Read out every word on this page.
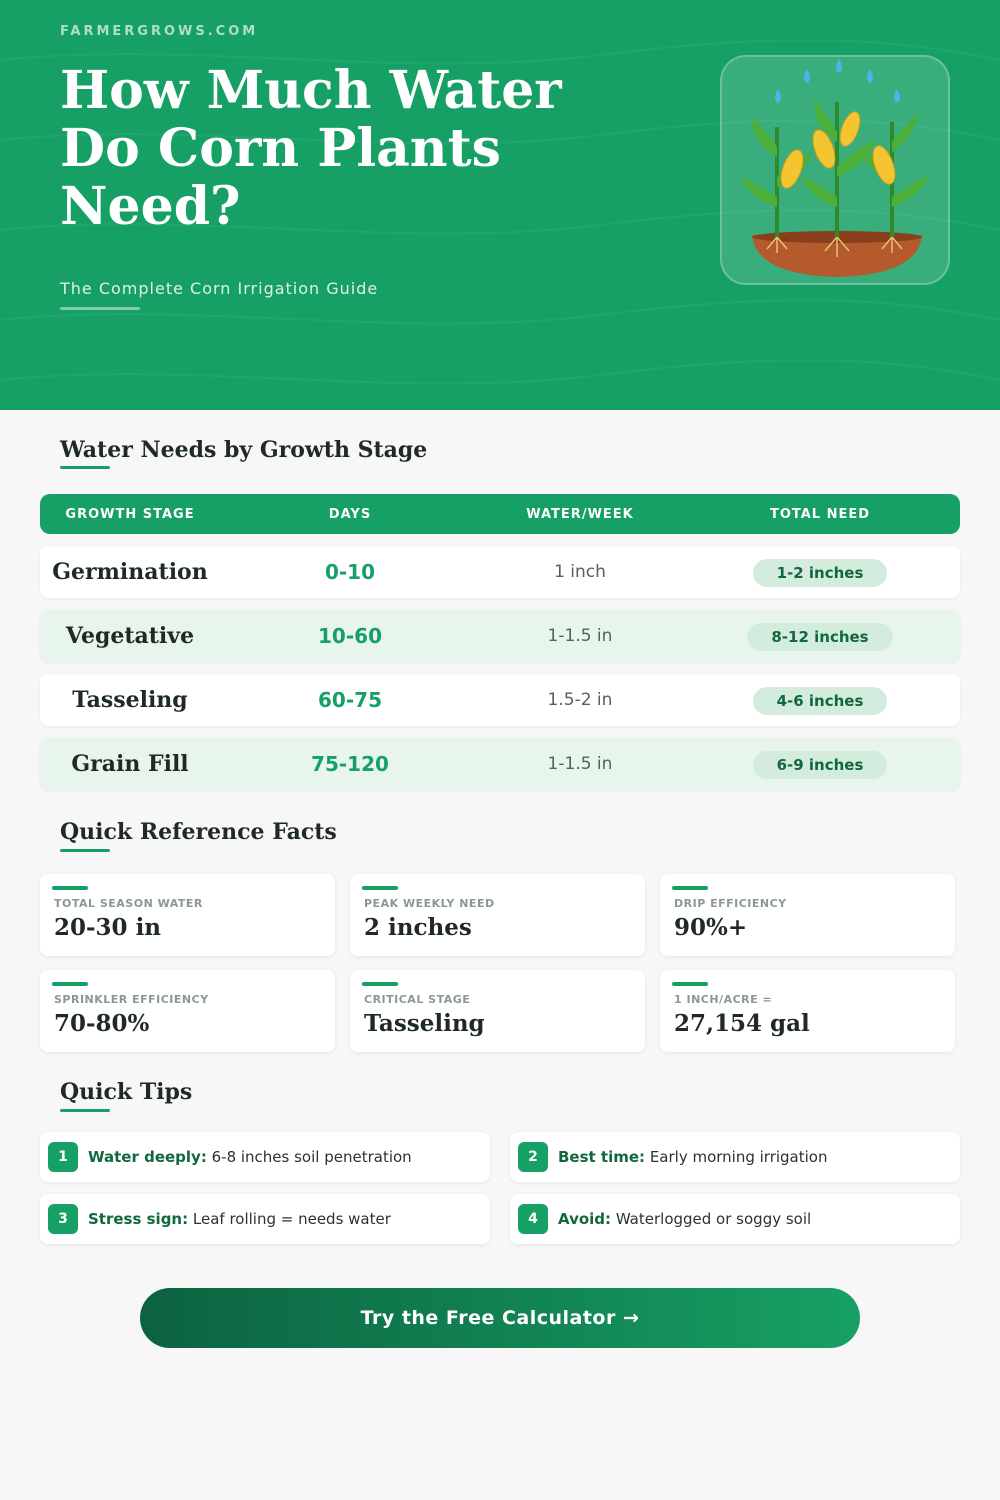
FARMERGROWS.COM
How Much Water Do Corn Plants Need?
The Complete Corn Irrigation Guide
Water Needs by Growth Stage
GROWTH STAGE	DAYS	WATER/WEEK	TOTAL NEED
Germination	0-10	1 inch	1-2 inches
Vegetative	10-60	1-1.5 in	8-12 inches
Tasseling	60-75	1.5-2 in	4-6 inches
Grain Fill	75-120	1-1.5 in	6-9 inches
Quick Reference Facts
TOTAL SEASON WATER
20-30 in
PEAK WEEKLY NEED
2 inches
DRIP EFFICIENCY
90%+
SPRINKLER EFFICIENCY
70-80%
CRITICAL STAGE
Tasseling
1 INCH/ACRE =
27,154 gal
Quick Tips
1	Water deeply: 6-8 inches soil penetration	2	Best time: Early morning irrigation
3	Stress sign: Leaf rolling = needs water	4	Avoid: Waterlogged or soggy soil
Try the Free Calculator →
